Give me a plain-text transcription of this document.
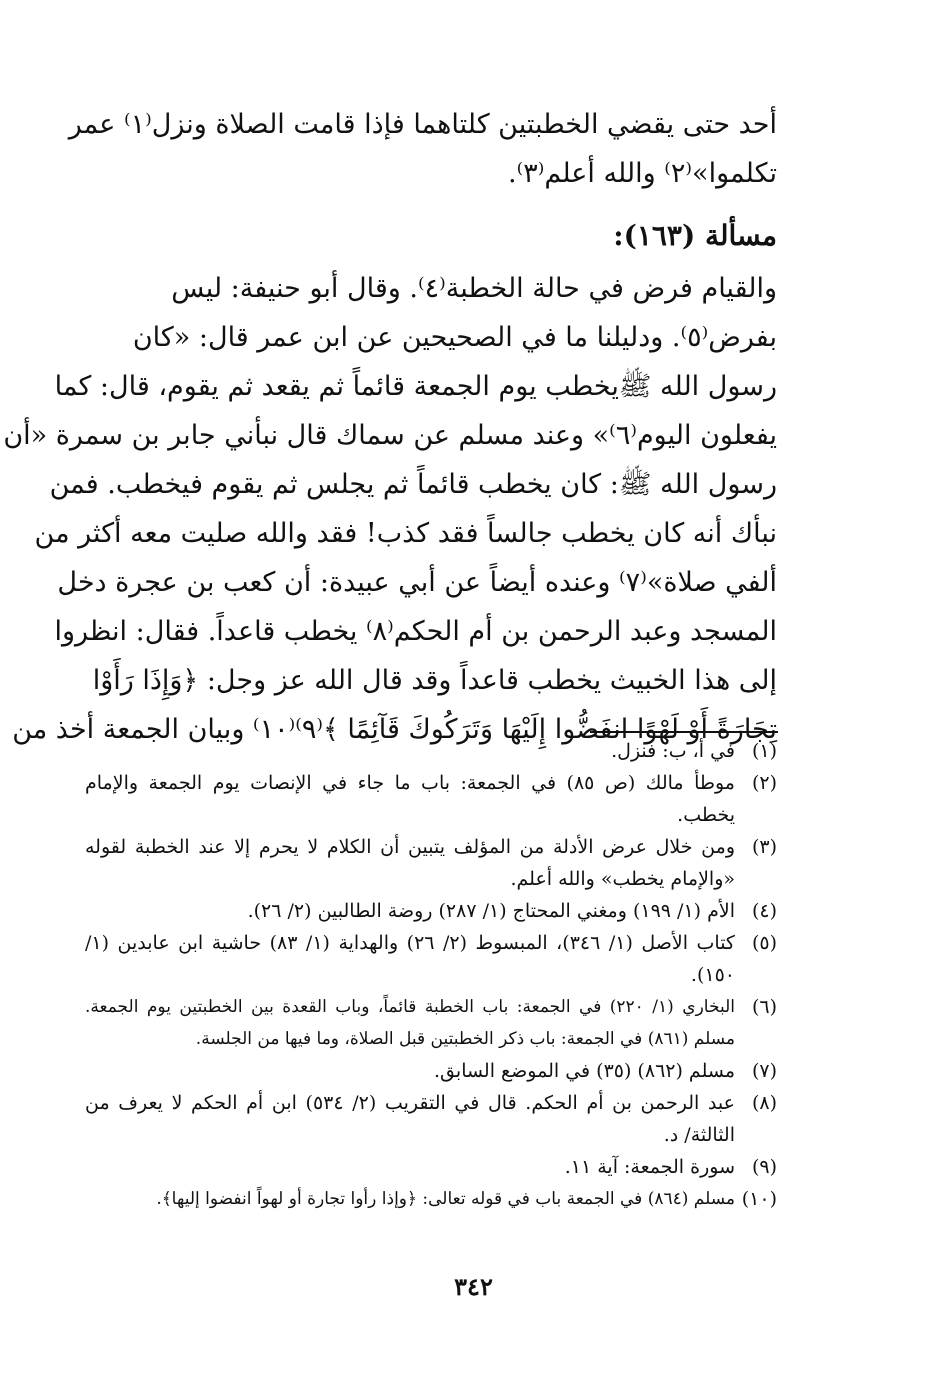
أحد حتى يقضي الخطبتين كلتاهما فإذا قامت الصلاة ونزل⁽١⁾ عمر
تكلموا»⁽٢⁾ والله أعلم⁽٣⁾.
مسألة (١٦٣):
والقيام فرض في حالة الخطبة⁽٤⁾. وقال أبو حنيفة: ليس
بفرض⁽٥⁾. ودليلنا ما في الصحيحين عن ابن عمر قال: «كان
رسول الله ﷺيخطب يوم الجمعة قائماً ثم يقعد ثم يقوم، قال: كما
يفعلون اليوم⁽٦⁾» وعند مسلم عن سماك قال نبأني جابر بن سمرة «أن
رسول الله ﷺ: كان يخطب قائماً ثم يجلس ثم يقوم فيخطب. فمن
نبأك أنه كان يخطب جالساً فقد كذب! فقد والله صليت معه أكثر من
ألفي صلاة»⁽٧⁾ وعنده أيضاً عن أبي عبيدة: أن كعب بن عجرة دخل
المسجد وعبد الرحمن بن أم الحكم⁽٨⁾ يخطب قاعداً. فقال: انظروا
إلى هذا الخبيث يخطب قاعداً وقد قال الله عز وجل: ﴿وَإِذَا رَأَوْا
تِجَارَةً أَوْ لَهْوًا انفَضُّوا إِلَيْهَا وَتَرَكُوكَ قَآئِمًا ﴾⁽٩⁾⁽١٠⁾ وبيان الجمعة أخذ من
(١)
في أ، ب: فنزل.
(٢)
موطأ مالك (ص ٨٥) في الجمعة: باب ما جاء في الإنصات يوم الجمعة والإمام يخطب.
(٣)
ومن خلال عرض الأدلة من المؤلف يتبين أن الكلام لا يحرم إلا عند الخطبة لقوله «والإمام يخطب» والله أعلم.
(٤)
الأم (١/ ١٩٩) ومغني المحتاج (١/ ٢٨٧) روضة الطالبين (٢/ ٢٦).
(٥)
كتاب الأصل (١/ ٣٤٦)، المبسوط (٢/ ٢٦) والهداية (١/ ٨٣) حاشية ابن عابدين (١/ ١٥٠).
(٦)
البخاري (١/ ٢٢٠) في الجمعة: باب الخطبة قائماً، وباب القعدة بين الخطبتين يوم الجمعة. مسلم (٨٦١) في الجمعة: باب ذكر الخطبتين قبل الصلاة، وما فيها من الجلسة.
(٧)
مسلم (٨٦٢) (٣٥) في الموضع السابق.
(٨)
عبد الرحمن بن أم الحكم. قال في التقريب (٢/ ٥٣٤) ابن أم الحكم لا يعرف من الثالثة/ د.
(٩)
سورة الجمعة: آية ١١.
(١٠)
مسلم (٨٦٤) في الجمعة باب في قوله تعالى: ﴿وإذا رأوا تجارة أو لهواً انفضوا إليها﴾.
٣٤٢
